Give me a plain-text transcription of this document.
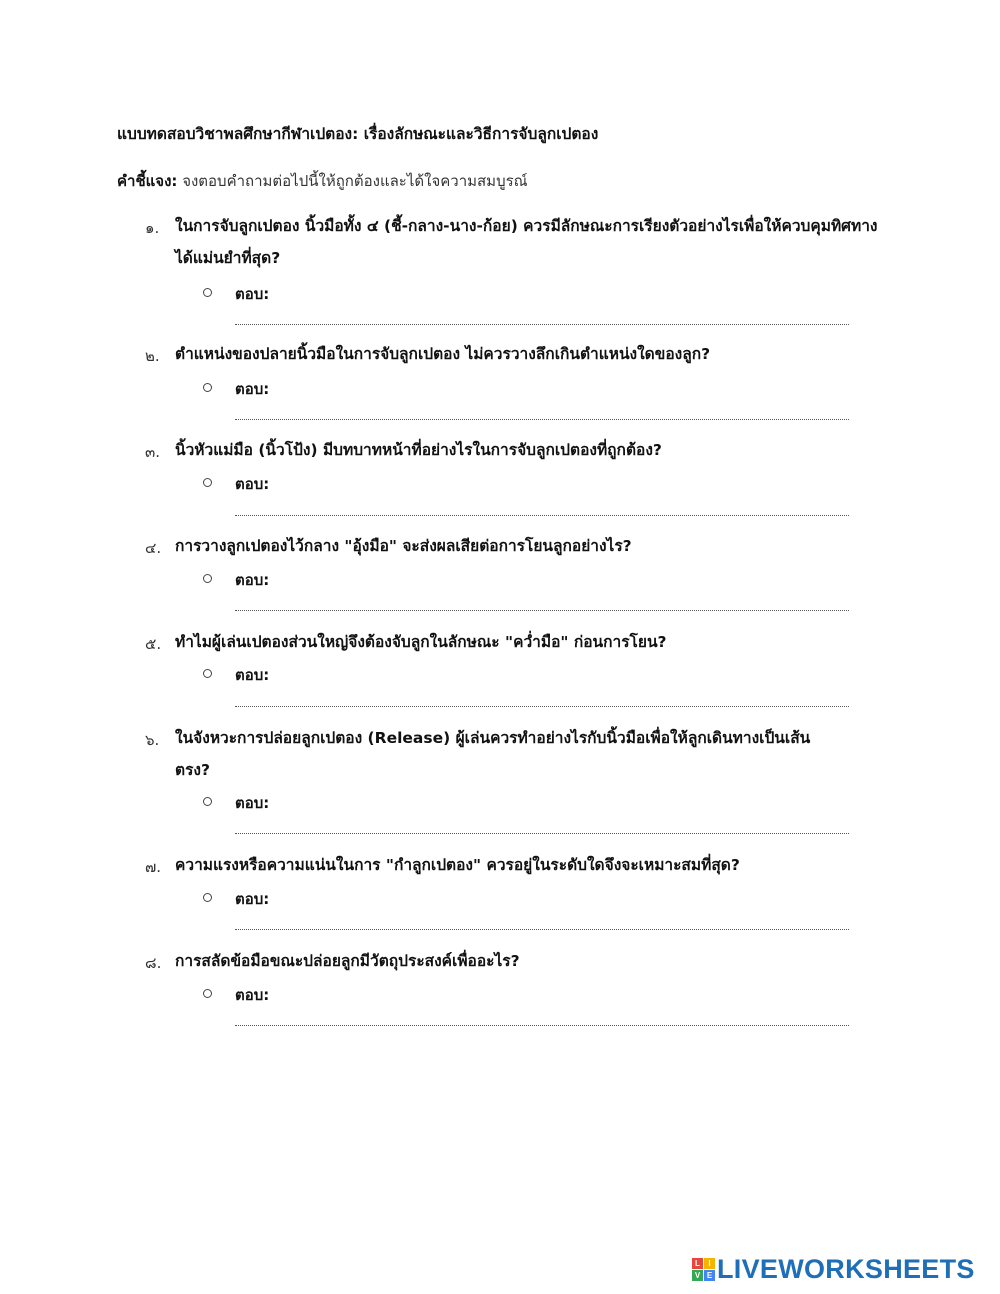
แบบทดสอบวิชาพลศึกษากีฬาเปตอง: เรื่องลักษณะและวิธีการจับลูกเปตอง
คำชี้แจง: จงตอบคำถามต่อไปนี้ให้ถูกต้องและได้ใจความสมบูรณ์
๑. ในการจับลูกเปตอง นิ้วมือทั้ง ๔ (ชี้-กลาง-นาง-ก้อย) ควรมีลักษณะการเรียงตัวอย่างไรเพื่อให้ควบคุมทิศทางได้แม่นยำที่สุด?
ตอบ:
๒. ตำแหน่งของปลายนิ้วมือในการจับลูกเปตอง ไม่ควรวางลึกเกินตำแหน่งใดของลูก?
ตอบ:
๓. นิ้วหัวแม่มือ (นิ้วโป้ง) มีบทบาทหน้าที่อย่างไรในการจับลูกเปตองที่ถูกต้อง?
ตอบ:
๔. การวางลูกเปตองไว้กลาง "อุ้งมือ" จะส่งผลเสียต่อการโยนลูกอย่างไร?
ตอบ:
๕. ทำไมผู้เล่นเปตองส่วนใหญ่จึงต้องจับลูกในลักษณะ "คว่ำมือ" ก่อนการโยน?
ตอบ:
๖. ในจังหวะการปล่อยลูกเปตอง (Release) ผู้เล่นควรทำอย่างไรกับนิ้วมือเพื่อให้ลูกเดินทางเป็นเส้นตรง?
ตอบ:
๗. ความแรงหรือความแน่นในการ "กำลูกเปตอง" ควรอยู่ในระดับใดจึงจะเหมาะสมที่สุด?
ตอบ:
๘. การสลัดข้อมือขณะปล่อยลูกมีวัตถุประสงค์เพื่ออะไร?
ตอบ:
L	I
V E LIVEWORKSHEETS
